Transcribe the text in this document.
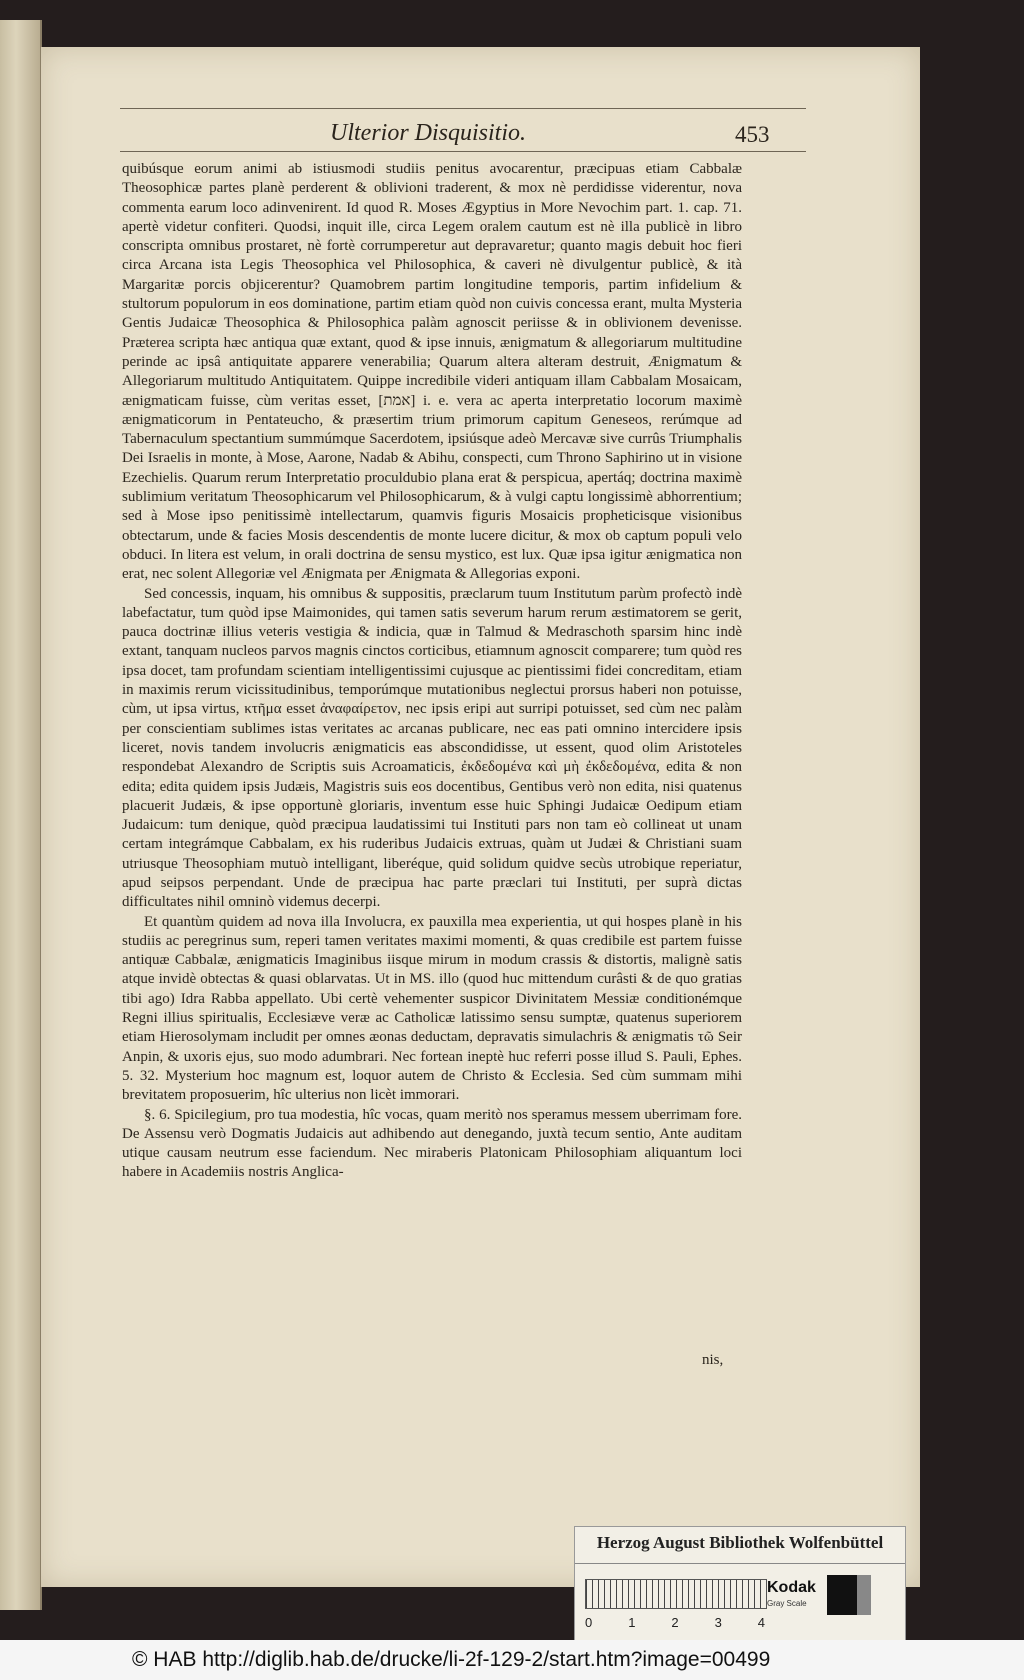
Ulterior Disquisitio.	453

quibúsque eorum animi ab istiusmodi studiis penitus avocarentur, præcipuas etiam Cabbalæ Theosophicæ partes planè perderent & oblivioni traderent, & mox nè perdidisse viderentur, nova commenta earum loco adinvenirent. Id quod R. Moses Ægyptius in More Nevochim part. 1. cap. 71. apertè videtur confiteri. Quodsi, inquit ille, circa Legem oralem cautum est nè illa publicè in libro conscripta omnibus prostaret, nè fortè corrumperetur aut depravaretur; quanto magis debuit hoc fieri circa Arcana ista Legis Theosophica vel Philosophica, & caveri nè divulgentur publicè, & ità Margaritæ porcis objicerentur? Quamobrem partim longitudine temporis, partim infidelium & stultorum populorum in eos dominatione, partim etiam quòd non cuivis concessa erant, multa Mysteria Gentis Judaicæ Theosophica & Philosophica palàm agnoscit periisse & in oblivionem devenisse. Præterea scripta hæc antiqua quæ extant, quod & ipse innuis, ænigmatum & allegoriarum multitudine perinde ac ipsâ antiquitate apparere venerabilia; Quarum altera alteram destruit, Ænigmatum & Allegoriarum multitudo Antiquitatem. Quippe incredibile videri antiquam illam Cabbalam Mosaicam, ænigmaticam fuisse, cùm veritas esset, [אמת] i. e. vera ac aperta interpretatio locorum maximè ænigmaticorum in Pentateucho, & præsertim trium primorum capitum Geneseos, rerúmque ad Tabernaculum spectantium summúmque Sacerdotem, ipsiúsque adeò Mercavæ sive currûs Triumphalis Dei Israelis in monte, à Mose, Aarone, Nadab & Abihu, conspecti, cum Throno Saphirino ut in visione Ezechielis. Quarum rerum Interpretatio proculdubio plana erat & perspicua, apertáq; doctrina maximè sublimium veritatum Theosophicarum vel Philosophicarum, & à vulgi captu longissimè abhorrentium; sed à Mose ipso penitissimè intellectarum, quamvis figuris Mosaicis propheticisque visionibus obtectarum, unde & facies Mosis descendentis de monte lucere dicitur, & mox ob captum populi velo obduci. In litera est velum, in orali doctrina de sensu mystico, est lux. Quæ ipsa igitur ænigmatica non erat, nec solent Allegoriæ vel Ænigmata per Ænigmata & Allegorias exponi.

Sed concessis, inquam, his omnibus & suppositis, præclarum tuum Institutum parùm profectò indè labefactatur, tum quòd ipse Maimonides, qui tamen satis severum harum rerum æstimatorem se gerit, pauca doctrinæ illius veteris vestigia & indicia, quæ in Talmud & Medraschoth sparsim hinc indè extant, tanquam nucleos parvos magnis cinctos corticibus, etiamnum agnoscit comparere; tum quòd res ipsa docet, tam profundam scientiam intelligentissimi cujusque ac pientissimi fidei concreditam, etiam in maximis rerum vicissitudinibus, temporúmque mutationibus neglectui prorsus haberi non potuisse, cùm, ut ipsa virtus, κτῆμα esset ἀναφαίρετον, nec ipsis eripi aut surripi potuisset, sed cùm nec palàm per conscientiam sublimes istas veritates ac arcanas publicare, nec eas pati omnino intercidere ipsis liceret, novis tandem involucris ænigmaticis eas abscondidisse, ut essent, quod olim Aristoteles respondebat Alexandro de Scriptis suis Acroamaticis, ἐκδεδομένα καὶ μὴ ἐκδεδομένα, edita & non edita; edita quidem ipsis Judæis, Magistris suis eos docentibus, Gentibus verò non edita, nisi quatenus placuerit Judæis, & ipse opportunè gloriaris, inventum esse huic Sphingi Judaicæ Oedipum etiam Judaicum: tum denique, quòd præcipua laudatissimi tui Instituti pars non tam eò collineat ut unam certam integrámque Cabbalam, ex his ruderibus Judaicis extruas, quàm ut Judæi & Christiani suam utriusque Theosophiam mutuò intelligant, liberéque, quid solidum quidve secùs utrobique reperiatur, apud seipsos perpendant. Unde de præcipua hac parte præclari tui Instituti, per suprà dictas difficultates nihil omninò videmus decerpi.

Et quantùm quidem ad nova illa Involucra, ex pauxilla mea experientia, ut qui hospes planè in his studiis ac peregrinus sum, reperi tamen veritates maximi momenti, & quas credibile est partem fuisse antiquæ Cabbalæ, ænigmaticis Imaginibus iisque mirum in modum crassis & distortis, malignè satis atque invidè obtectas & quasi oblarvatas. Ut in MS. illo (quod huc mittendum curâsti & de quo gratias tibi ago) Idra Rabba appellato. Ubi certè vehementer suspicor Divinitatem Messiæ conditionémque Regni illius spiritualis, Ecclesiæve veræ ac Catholicæ latissimo sensu sumptæ, quatenus superiorem etiam Hierosolymam includit per omnes æonas deductam, depravatis simulachris & ænigmatis τῶ Seir Anpin, & uxoris ejus, suo modo adumbrari. Nec fortean ineptè huc referri posse illud S. Pauli, Ephes. 5. 32. Mysterium hoc magnum est, loquor autem de Christo & Ecclesia. Sed cùm summam mihi brevitatem proposuerim, hîc ulterius non licèt immorari.

§. 6. Spicilegium, pro tua modestia, hîc vocas, quam meritò nos speramus messem uberrimam fore. De Assensu verò Dogmatis Judaicis aut adhibendo aut denegando, juxtà tecum sentio, Ante auditam utique causam neutrum esse faciendum. Nec mirаberis Platonicam Philosophiam aliquantum loci habere in Academiis nostris Anglica-

nis,
Herzog August Bibliothek Wolfenbüttel
0	1	2	3	4
Kodak
Gray Scale
© HAB http://diglib.hab.de/drucke/li-2f-129-2/start.htm?image=00499
